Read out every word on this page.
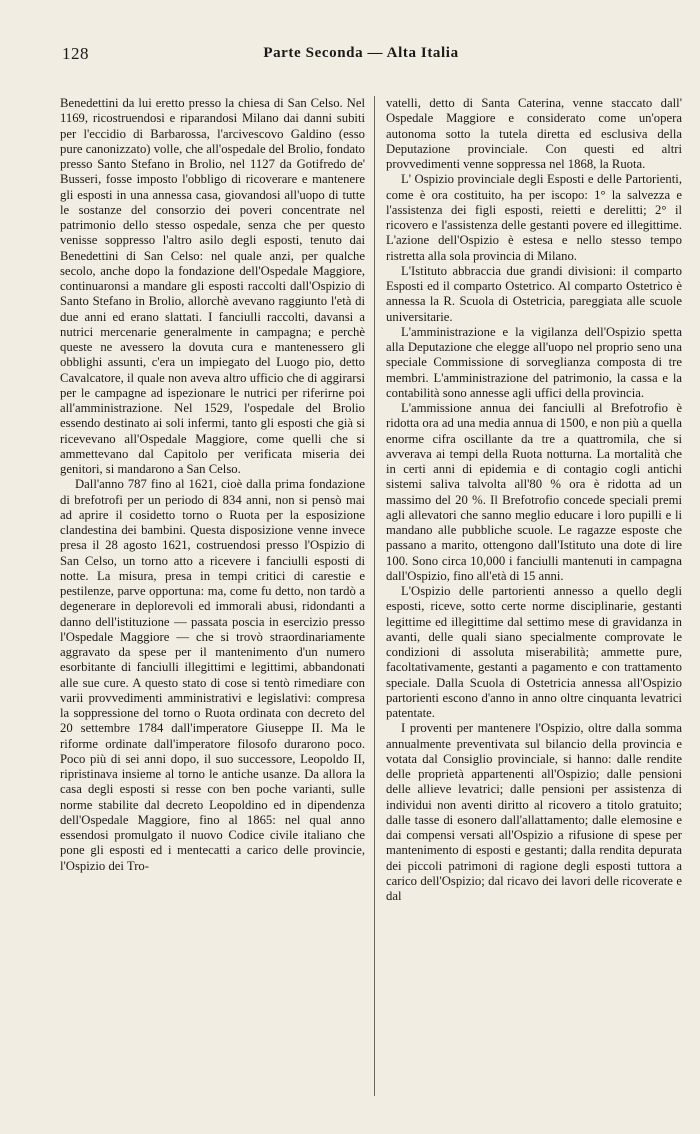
128	Parte Seconda — Alta Italia

Benedettini da lui eretto presso la chiesa di San Celso. Nel 1169, ricostruendosi e riparandosi Milano dai danni subiti per l'eccidio di Barbarossa, l'arcivescovo Galdino (esso pure canonizzato) volle, che all'ospedale del Brolio, fondato presso Santo Stefano in Brolio, nel 1127 da Gotifredo de' Busseri, fosse imposto l'obbligo di ricoverare e mantenere gli esposti in una annessa casa, giovandosi all'uopo di tutte le sostanze del consorzio dei poveri concentrate nel patrimonio dello stesso ospedale, senza che per questo venisse soppresso l'altro asilo degli esposti, tenuto dai Benedettini di San Celso: nel quale anzi, per qualche secolo, anche dopo la fondazione dell'Ospedale Maggiore, continuaronsi a mandare gli esposti raccolti dall'Ospizio di Santo Stefano in Brolio, allorchè avevano raggiunto l'età di due anni ed erano slattati. I fanciulli raccolti, davansi a nutrici mercenarie generalmente in campagna; e perchè queste ne avessero la dovuta cura e mantenessero gli obblighi assunti, c'era un impiegato del Luogo pio, detto Cavalcatore, il quale non aveva altro ufficio che di aggirarsi per le campagne ad ispezionare le nutrici per riferirne poi all'amministrazione. Nel 1529, l'ospedale del Brolio essendo destinato ai soli infermi, tanto gli esposti che già si ricevevano all'Ospedale Maggiore, come quelli che si ammettevano dal Capitolo per verificata miseria dei genitori, si mandarono a San Celso.

Dall'anno 787 fino al 1621, cioè dalla prima fondazione di brefotrofi per un periodo di 834 anni, non si pensò mai ad aprire il cosidetto torno o Ruota per la esposizione clandestina dei bambini. Questa disposizione venne invece presa il 28 agosto 1621, costruendosi presso l'Ospizio di San Celso, un torno atto a ricevere i fanciulli esposti di notte. La misura, presa in tempi critici di carestie e pestilenze, parve opportuna: ma, come fu detto, non tardò a degenerare in deplorevoli ed immorali abusi, ridondanti a danno dell'istituzione — passata poscia in esercizio presso l'Ospedale Maggiore — che si trovò straordinariamente aggravato da spese per il mantenimento d'un numero esorbitante di fanciulli illegittimi e legittimi, abbandonati alle sue cure. A questo stato di cose si tentò rimediare con varii provvedimenti amministrativi e legislativi: compresa la soppressione del torno o Ruota ordinata con decreto del 20 settembre 1784 dall'imperatore Giuseppe II. Ma le riforme ordinate dall'imperatore filosofo durarono poco. Poco più di sei anni dopo, il suo successore, Leopoldo II, ripristinava insieme al torno le antiche usanze. Da allora la casa degli esposti si resse con ben poche varianti, sulle norme stabilite dal decreto Leopoldino ed in dipendenza dell'Ospedale Maggiore, fino al 1865: nel qual anno essendosi promulgato il nuovo Codice civile italiano che pone gli esposti ed i mentecatti a carico delle provincie, l'Ospizio dei Tro-

vatelli, detto di Santa Caterina, venne staccato dall' Ospedale Maggiore e considerato come un'opera autonoma sotto la tutela diretta ed esclusiva della Deputazione provinciale. Con questi ed altri provvedimenti venne soppressa nel 1868, la Ruota.

L' Ospizio provinciale degli Esposti e delle Partorienti, come è ora costituito, ha per iscopo: 1° la salvezza e l'assistenza dei figli esposti, reietti e derelitti; 2° il ricovero e l'assistenza delle gestanti povere ed illegittime. L'azione dell'Ospizio è estesa e nello stesso tempo ristretta alla sola provincia di Milano.

L'Istituto abbraccia due grandi divisioni: il comparto Esposti ed il comparto Ostetrico. Al comparto Ostetrico è annessa la R. Scuola di Ostetricia, pareggiata alle scuole universitarie.

L'amministrazione e la vigilanza dell'Ospizio spetta alla Deputazione che elegge all'uopo nel proprio seno una speciale Commissione di sorveglianza composta di tre membri. L'amministrazione del patrimonio, la cassa e la contabilità sono annesse agli uffici della provincia.

L'ammissione annua dei fanciulli al Brefotrofio è ridotta ora ad una media annua di 1500, e non più a quella enorme cifra oscillante da tre a quattromila, che si avverava ai tempi della Ruota notturna. La mortalità che in certi anni di epidemia e di contagio cogli antichi sistemi saliva talvolta all'80 % ora è ridotta ad un massimo del 20 %. Il Brefotrofio concede speciali premi agli allevatori che sanno meglio educare i loro pupilli e li mandano alle pubbliche scuole. Le ragazze esposte che passano a marito, ottengono dall'Istituto una dote di lire 100. Sono circa 10,000 i fanciulli mantenuti in campagna dall'Ospizio, fino all'età di 15 anni.

L'Ospizio delle partorienti annesso a quello degli esposti, riceve, sotto certe norme disciplinarie, gestanti legittime ed illegittime dal settimo mese di gravidanza in avanti, delle quali siano specialmente comprovate le condizioni di assoluta miserabilità; ammette pure, facoltativamente, gestanti a pagamento e con trattamento speciale. Dalla Scuola di Ostetricia annessa all'Ospizio partorienti escono d'anno in anno oltre cinquanta levatrici patentate.

I proventi per mantenere l'Ospizio, oltre dalla somma annualmente preventivata sul bilancio della provincia e votata dal Consiglio provinciale, si hanno: dalle rendite delle proprietà appartenenti all'Ospizio; dalle pensioni delle allieve levatrici; dalle pensioni per assistenza di individui non aventi diritto al ricovero a titolo gratuito; dalle tasse di esonero dall'allattamento; dalle elemosine e dai compensi versati all'Ospizio a rifusione di spese per mantenimento di esposti e gestanti; dalla rendita depurata dei piccoli patrimoni di ragione degli esposti tuttora a carico dell'Ospizio; dal ricavo dei lavori delle ricoverate e dal
